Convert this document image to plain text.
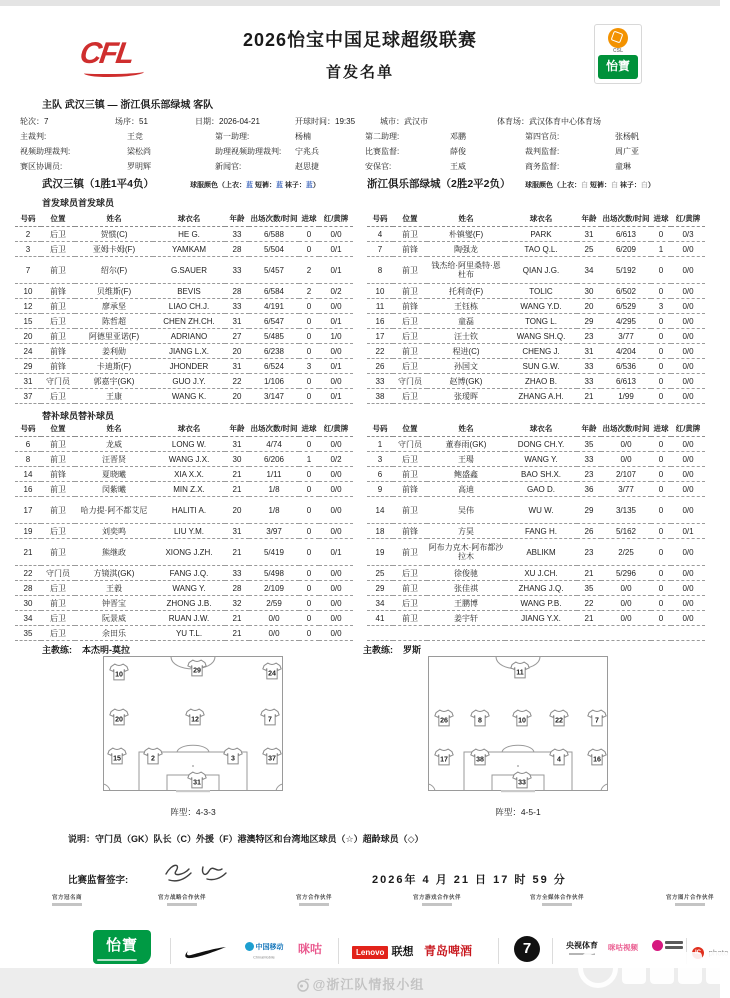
CFL	2026怡宝中国足球超级联赛
首发名单
CSL
怡寶
主队 武汉三镇 — 浙江俱乐部绿城 客队
轮次：7	场序：51	日期：2026-04-21	开球时间：19:35	城市：武汉市	体育场：武汉体育中心体育场
主裁判:	王竞	第一助理:	杨楠	第二助理:	邓鹏	第四官员:	张杨帆
视频助理裁判:	梁松尚	助理视频助理裁判: 宁兆兵	比赛监督:	薛俊	裁判监督:	周广亚
赛区协调员:	罗明辉	新闻官:	赵思捷	安保官:	王威	商务监督:	童琳
武汉三镇（1胜1平4负）	球服颜色（上衣：蓝 短裤：蓝 袜子：蓝）	浙江俱乐部绿城（2胜2平2负）	球服颜色（上衣：白 短裤：白 袜子：白）
首发球员首发球员
号码	位置	姓名	球衣名	年龄	出场次数/时间	进球	红/黄牌
2	后卫	贺惯(C)	HE G.	33	6/588	0	0/0
3	后卫	亚姆卡姆(F)	YAMKAM	28	5/504	0	0/1
7	前卫	绍尔(F)	G.SAUER	33	5/457	2	0/1
10	前锋	贝维斯(F)	BEVIS	28	6/584	2	0/2
12	前卫	廖承坚	LIAO CH.J.	33	4/191	0	0/0
15	后卫	陈哲超	CHEN ZH.CH.	31	6/547	0	0/1
20	前卫	阿德里亚诺(F)	ADRIANO	27	5/485	0	1/0
24	前锋	姜利勋	JIANG L.X.	20	6/238	0	0/0
29	前锋	卡迪斯(F)	JHONDER	31	6/524	3	0/1
31	守门员	郭嘉宇(GK)	GUO J.Y.	22	1/106	0	0/0
37	后卫	王康	WANG K.	20	3/147	0	0/1
号码	位置	姓名	球衣名	年龄	出场次数/时间	进球	红/黄牌
4	前卫	朴镇燮(F)	PARK	31	6/613	0	0/3
7	前锋	陶强龙	TAO Q.L.	25	6/209	1	0/0
8	前卫	钱杰给·阿里桑特·恩杜布	QIAN J.G.	34	5/192	0	0/0
10	前卫	托利奇(F)	TOLIC	30	6/502	0	0/0
11	前锋	王钰栋	WANG Y.D.	20	6/529	3	0/0
16	后卫	童磊	TONG L.	29	4/295	0	0/0
17	后卫	汪士钦	WANG SH.Q.	23	3/77	0	0/0
22	前卫	程进(C)	CHENG J.	31	4/204	0	0/0
26	后卫	孙国文	SUN G.W.	33	6/536	0	0/0
33	守门员	赵博(GK)	ZHAO B.	33	6/613	0	0/0
38	后卫	张瑷晖	ZHANG A.H.	21	1/99	0	0/0
替补球员替补球员
号码	位置	姓名	球衣名	年龄	出场次数/时间	进球	红/黄牌
6	前卫	龙威	LONG W.	31	4/74	0	0/0
8	前卫	汪晋贤	WANG J.X.	30	6/206	1	0/2
14	前锋	夏晓曦	XIA X.X.	21	1/11	0	0/0
16	前卫	闵紫曦	MIN Z.X.	21	1/8	0	0/0
17	前卫	哈力提·阿不都艾尼	HALITI A.	20	1/8	0	0/0
19	后卫	刘奕鸣	LIU Y.M.	31	3/97	0	0/0
21	前卫	熊继政	XIONG J.ZH.	21	5/419	0	0/1
22	守门员	方镜淇(GK)	FANG J.Q.	33	5/498	0	0/0
28	后卫	王毅	WANG Y.	28	2/109	0	0/0
30	前卫	钟晋宝	ZHONG J.B.	32	2/59	0	0/0
34	后卫	阮景威	RUAN J.W.	21	0/0	0	0/0
35	后卫	余田乐	YU T.L.	21	0/0	0	0/0
号码	位置	姓名	球衣名	年龄	出场次数/时间	进球	红/黄牌
1	守门员	董春雨(GK)	DONG CH.Y.	35	0/0	0	0/0
3	后卫	王瑒	WANG Y.	33	0/0	0	0/0
6	前卫	鲍盛鑫	BAO SH.X.	23	2/107	0	0/0
9	前锋	高迪	GAO D.	36	3/77	0	0/0
14	前卫	吴伟	WU W.	29	3/135	0	0/0
18	前锋	方昊	FANG H.	26	5/162	0	0/1
19	前卫	阿布力克木·阿布都沙拉木	ABLIKM	23	2/25	0	0/0
25	后卫	徐俊驰	XU J.CH.	21	5/296	0	0/0
29	前卫	张佳祺	ZHANG J.Q.	35	0/0	0	0/0
34	后卫	王鹏博	WANG P.B.	22	0/0	0	0/0
41	前卫	姜宇轩	JIANG Y.X.	21	0/0	0	0/0

主教练: 本杰明-莫拉	主教练: 罗斯
10
29	24
20	12	7
15	2	3	37
31
11
26	8	10	22	7
17	38	4	16
33
阵型：4-3-3	阵型：4-5-1
说明：守门员（GK）队长（C）外援（F）港澳特区和台湾地区球员（☆）超龄球员（◇）
比赛监督签字:	2026年 4 月 21 日 17 时 59 分
官方冠名商	官方战略合作伙伴	官方合作伙伴	官方游戏合作伙伴	官方全媒体合作伙伴	官方图片合作伙伴
怡寶	中国移动
ChinaMobile
咪咕	Lenovo 联想 青岛啤酒	7	央视体育 咪咕视频
@浙江队情报小组
